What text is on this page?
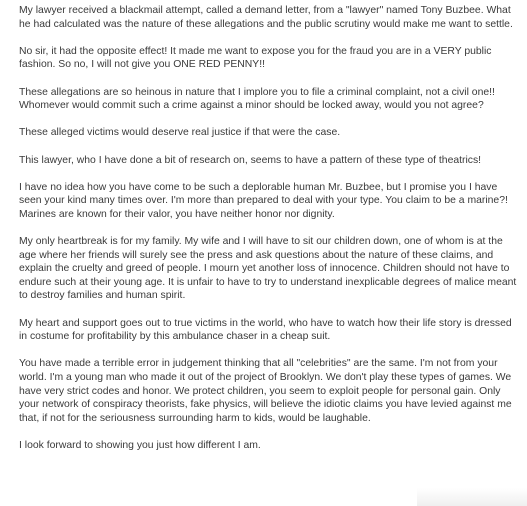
My lawyer received a blackmail attempt, called a demand letter, from a "lawyer" named Tony Buzbee. What he had calculated was the nature of these allegations and the public scrutiny would make me want to settle.

No sir, it had the opposite effect! It made me want to expose you for the fraud you are in a VERY public fashion. So no, I will not give you ONE RED PENNY!!

These allegations are so heinous in nature that I implore you to file a criminal complaint, not a civil one!! Whomever would commit such a crime against a minor should be locked away, would you not agree?

These alleged victims would deserve real justice if that were the case.

This lawyer, who I have done a bit of research on, seems to have a pattern of these type of theatrics!

I have no idea how you have come to be such a deplorable human Mr. Buzbee, but I promise you I have seen your kind many times over. I'm more than prepared to deal with your type. You claim to be a marine?! Marines are known for their valor, you have neither honor nor dignity.

My only heartbreak is for my family. My wife and I will have to sit our children down, one of whom is at the age where her friends will surely see the press and ask questions about the nature of these claims, and explain the cruelty and greed of people. I mourn yet another loss of innocence. Children should not have to endure such at their young age. It is unfair to have to try to understand inexplicable degrees of malice meant to destroy families and human spirit.

My heart and support goes out to true victims in the world, who have to watch how their life story is dressed in costume for profitability by this ambulance chaser in a cheap suit.

You have made a terrible error in judgement thinking that all "celebrities" are the same. I'm not from your world. I'm a young man who made it out of the project of Brooklyn. We don't play these types of games. We have very strict codes and honor. We protect children, you seem to exploit people for personal gain. Only your network of conspiracy theorists, fake physics, will believe the idiotic claims you have levied against me that, if not for the seriousness surrounding harm to kids, would be laughable.

I look forward to showing you just how different I am.
